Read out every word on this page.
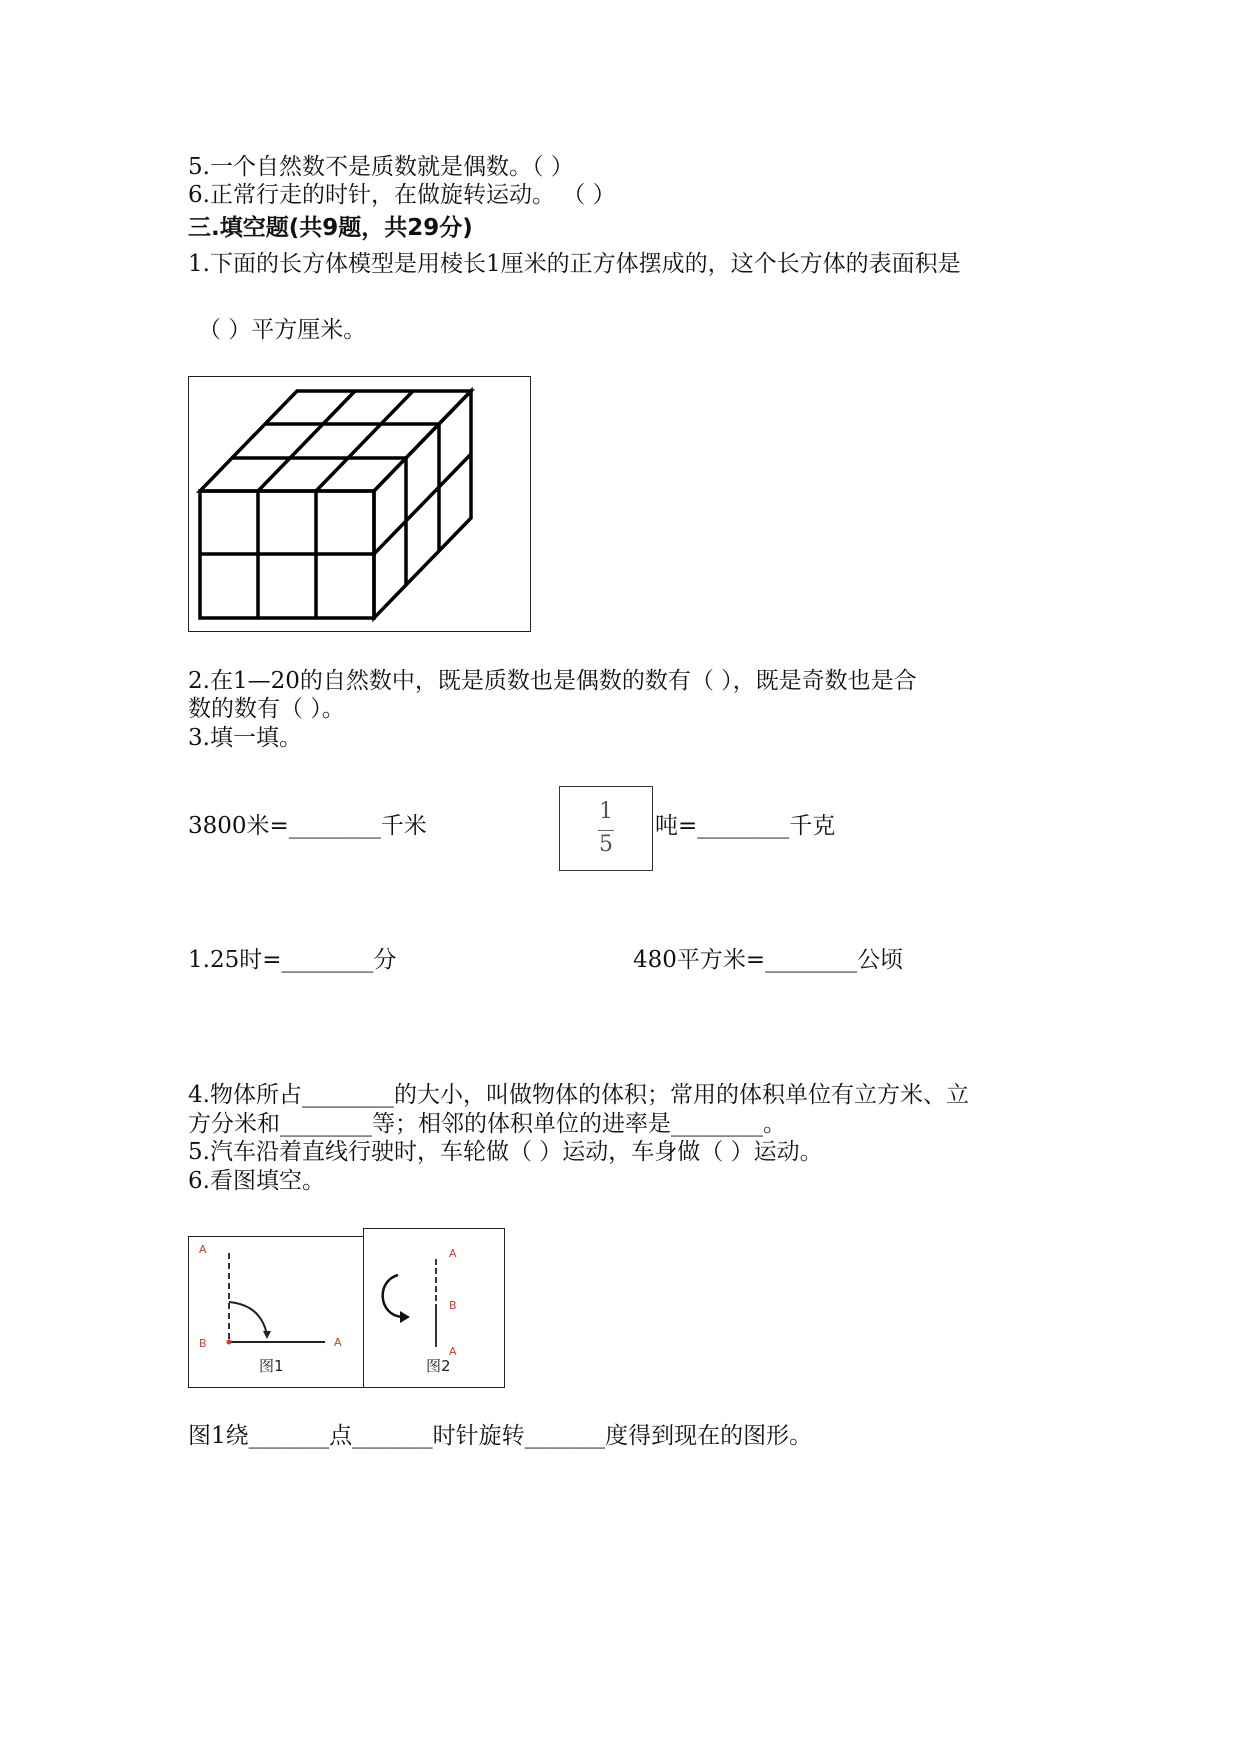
5.一个自然数不是质数就是偶数。（ ）
6.正常行走的时针，在做旋转运动。 （ ）
三.填空题(共9题，共29分)
1.下面的长方体模型是用棱长1厘米的正方体摆成的，这个长方体的表面积是
（ ）平方厘米。
2.在1—20的自然数中，既是质数也是偶数的数有（ ），既是奇数也是合
数的数有（ ）。
3.填一填。
3800米=________千米
1
5
吨=________千克
1.25时=________分	480平方米=________公顷
4.物体所占________的大小，叫做物体的体积；常用的体积单位有立方米、立
方分米和________等；相邻的体积单位的进率是________。
5.汽车沿着直线行驶时，车轮做（ ）运动，车身做（ ）运动。
6.看图填空。
A
B	A
图1
A
B
A
图2
图1绕_______点_______时针旋转_______度得到现在的图形。
